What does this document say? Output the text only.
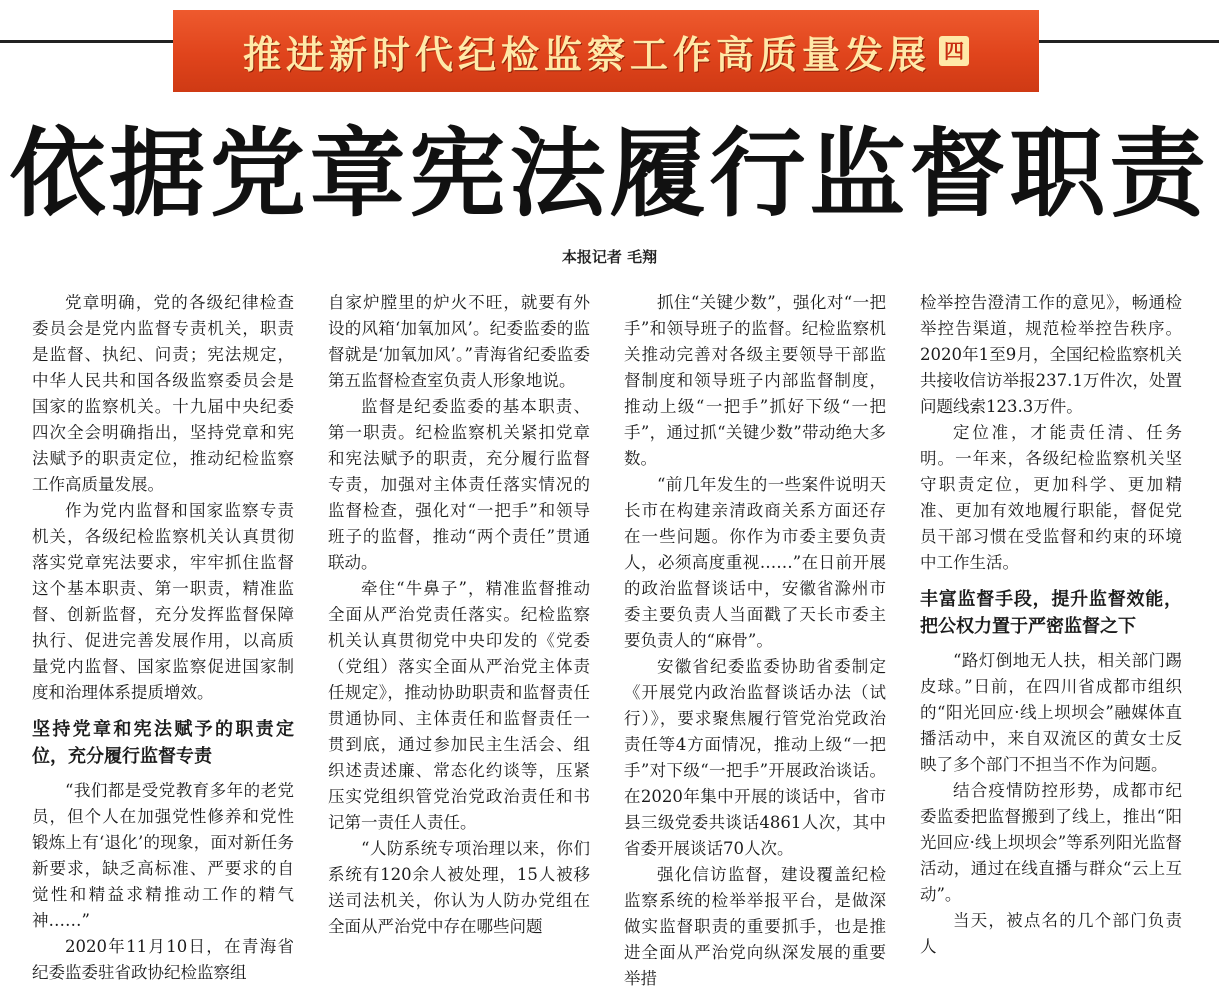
推进新时代纪检监察工作高质量发展 四
依据党章宪法履行监督职责
本报记者 毛翔

党章明确，党的各级纪律检查委员会是党内监督专责机关，职责是监督、执纪、问责；宪法规定，中华人民共和国各级监察委员会是国家的监察机关。十九届中央纪委四次全会明确指出，坚持党章和宪法赋予的职责定位，推动纪检监察工作高质量发展。

作为党内监督和国家监察专责机关，各级纪检监察机关认真贯彻落实党章宪法要求，牢牢抓住监督这个基本职责、第一职责，精准监督、创新监督，充分发挥监督保障执行、促进完善发展作用，以高质量党内监督、国家监察促进国家制度和治理体系提质增效。

坚持党章和宪法赋予的职责定位，充分履行监督专责

“我们都是受党教育多年的老党员，但个人在加强党性修养和党性锻炼上有‘退化’的现象，面对新任务新要求，缺乏高标准、严要求的自觉性和精益求精推动工作的精气神……”

2020年11月10日，在青海省纪委监委驻省政协纪检监察组

自家炉膛里的炉火不旺，就要有外设的风箱‘加氧加风’。纪委监委的监督就是‘加氧加风’。”青海省纪委监委第五监督检查室负责人形象地说。

监督是纪委监委的基本职责、第一职责。纪检监察机关紧扣党章和宪法赋予的职责，充分履行监督专责，加强对主体责任落实情况的监督检查，强化对“一把手”和领导班子的监督，推动“两个责任”贯通联动。

牵住“牛鼻子”，精准监督推动全面从严治党责任落实。纪检监察机关认真贯彻党中央印发的《党委（党组）落实全面从严治党主体责任规定》，推动协助职责和监督责任贯通协同、主体责任和监督责任一贯到底，通过参加民主生活会、组织述责述廉、常态化约谈等，压紧压实党组织管党治党政治责任和书记第一责任人责任。

“人防系统专项治理以来，你们系统有120余人被处理，15人被移送司法机关，你认为人防办党组在全面从严治党中存在哪些问题

抓住“关键少数”，强化对“一把手”和领导班子的监督。纪检监察机关推动完善对各级主要领导干部监督制度和领导班子内部监督制度，推动上级“一把手”抓好下级“一把手”，通过抓“关键少数”带动绝大多数。

“前几年发生的一些案件说明天长市在构建亲清政商关系方面还存在一些问题。你作为市委主要负责人，必须高度重视……”在日前开展的政治监督谈话中，安徽省滁州市委主要负责人当面戳了天长市委主要负责人的“麻骨”。

安徽省纪委监委协助省委制定《开展党内政治监督谈话办法（试行）》，要求聚焦履行管党治党政治责任等4方面情况，推动上级“一把手”对下级“一把手”开展政治谈话。在2020年集中开展的谈话中，省市县三级党委共谈话4861人次，其中省委开展谈话70人次。

强化信访监督，建设覆盖纪检监察系统的检举举报平台，是做深做实监督职责的重要抓手，也是推进全面从严治党向纵深发展的重要举措

检举控告澄清工作的意见》，畅通检举控告渠道，规范检举控告秩序。2020年1至9月，全国纪检监察机关共接收信访举报237.1万件次，处置问题线索123.3万件。

定位准，才能责任清、任务明。一年来，各级纪检监察机关坚守职责定位，更加科学、更加精准、更加有效地履行职能，督促党员干部习惯在受监督和约束的环境中工作生活。

丰富监督手段，提升监督效能，把公权力置于严密监督之下

“路灯倒地无人扶，相关部门踢皮球。”日前，在四川省成都市组织的“阳光回应·线上坝坝会”融媒体直播活动中，来自双流区的黄女士反映了多个部门不担当不作为问题。

结合疫情防控形势，成都市纪委监委把监督搬到了线上，推出“阳光回应·线上坝坝会”等系列阳光监督活动，通过在线直播与群众“云上互动”。

当天，被点名的几个部门负责人
